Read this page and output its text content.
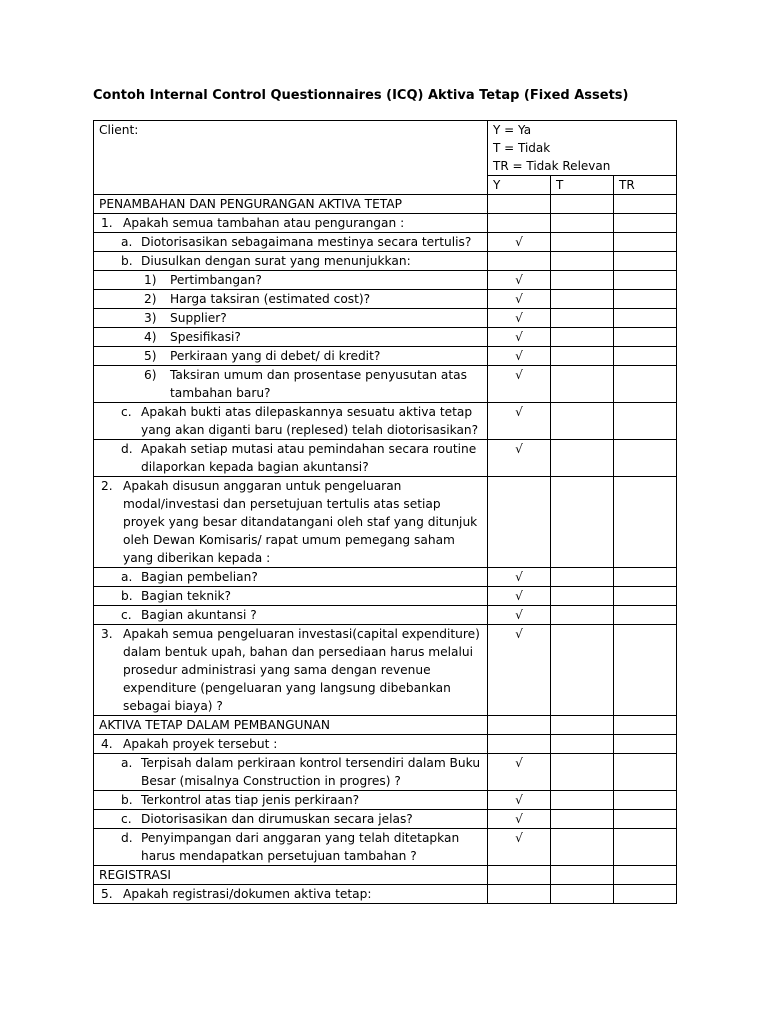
Contoh Internal Control Questionnaires (ICQ) Aktiva Tetap (Fixed Assets)
Client:	Y = Ya
T = Tidak
TR = Tidak Relevan		

	Y	T	TR
PENAMBAHAN DAN PENGURANGAN AKTIVA TETAP			

1. Apakah semua tambahan atau pengurangan :			

a. Diotorisasikan sebagaimana mestinya secara tertulis?	√		

b. Diusulkan dengan surat yang menunjukkan:			

1) Pertimbangan?	√		

2) Harga taksiran (estimated cost)?	√		

3) Supplier?	√		

4) Spesifikasi?	√		

5) Perkiraan yang di debet/ di kredit?	√		

6) Taksiran umum dan prosentase penyusutan atas tambahan baru?	√		

c. Apakah bukti atas dilepaskannya sesuatu aktiva tetap yang akan diganti baru (replesed) telah diotorisasikan?	√		

d. Apakah setiap mutasi atau pemindahan secara routine dilaporkan kepada bagian akuntansi?	√		

2. Apakah disusun anggaran untuk pengeluaran modal/investasi dan persetujuan tertulis atas setiap proyek yang besar ditandatangani oleh staf yang ditunjuk oleh Dewan Komisaris/ rapat umum pemegang saham yang diberikan kepada :			

a. Bagian pembelian?	√		

b. Bagian teknik?	√		

c. Bagian akuntansi ?	√		

3. Apakah semua pengeluaran investasi(capital expenditure) dalam bentuk upah, bahan dan persediaan harus melalui prosedur administrasi yang sama dengan revenue expenditure (pengeluaran yang langsung dibebankan sebagai biaya) ?	√		
AKTIVA TETAP DALAM PEMBANGUNAN			

4. Apakah proyek tersebut :			

a. Terpisah dalam perkiraan kontrol tersendiri dalam Buku Besar (misalnya Construction in progres) ?	√		

b. Terkontrol atas tiap jenis perkiraan?	√		

c. Diotorisasikan dan dirumuskan secara jelas?	√		

d. Penyimpangan dari anggaran yang telah ditetapkan harus mendapatkan persetujuan tambahan ?	√		
REGISTRASI			

5. Apakah registrasi/dokumen aktiva tetap:			
